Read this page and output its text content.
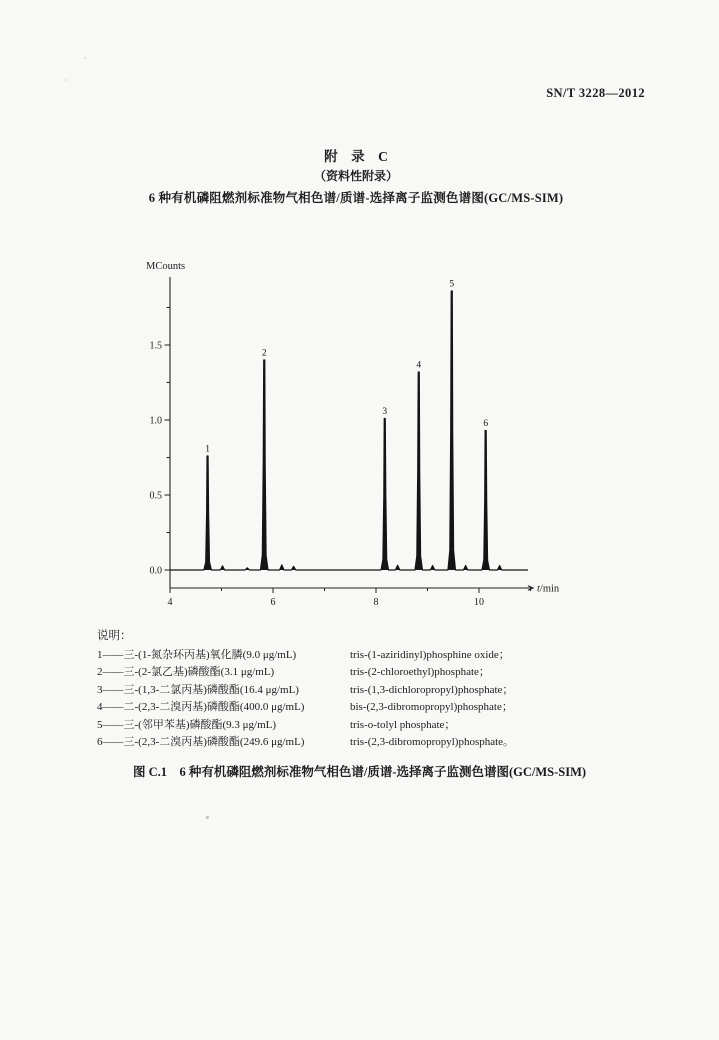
SN/T 3228—2012
附　录　C
（资料性附录）
6 种有机磷阻燃剂标准物气相色谱/质谱-选择离子监测色谱图(GC/MS-SIM)
0.0
0.5
1.0
1.5
4	6	8	10
MCounts
t/min
1
2
3
4
5
6
说明：
1——三-(1-氮杂环丙基)氧化膦(9.0 μg/mL)	tris-(1-aziridinyl)phosphine oxide；
2——三-(2-氯乙基)磷酸酯(3.1 μg/mL)	tris-(2-chloroethyl)phosphate；
3——三-(1,3-二氯丙基)磷酸酯(16.4 μg/mL)	tris-(1,3-dichloropropyl)phosphate；
4——二-(2,3-二溴丙基)磷酸酯(400.0 μg/mL)	bis-(2,3-dibromopropyl)phosphate；
5——三-(邻甲苯基)磷酸酯(9.3 μg/mL)	tris-o-tolyl phosphate；
6——三-(2,3-二溴丙基)磷酸酯(249.6 μg/mL)	tris-(2,3-dibromopropyl)phosphate。
图 C.1　6 种有机磷阻燃剂标准物气相色谱/质谱-选择离子监测色谱图(GC/MS-SIM)
